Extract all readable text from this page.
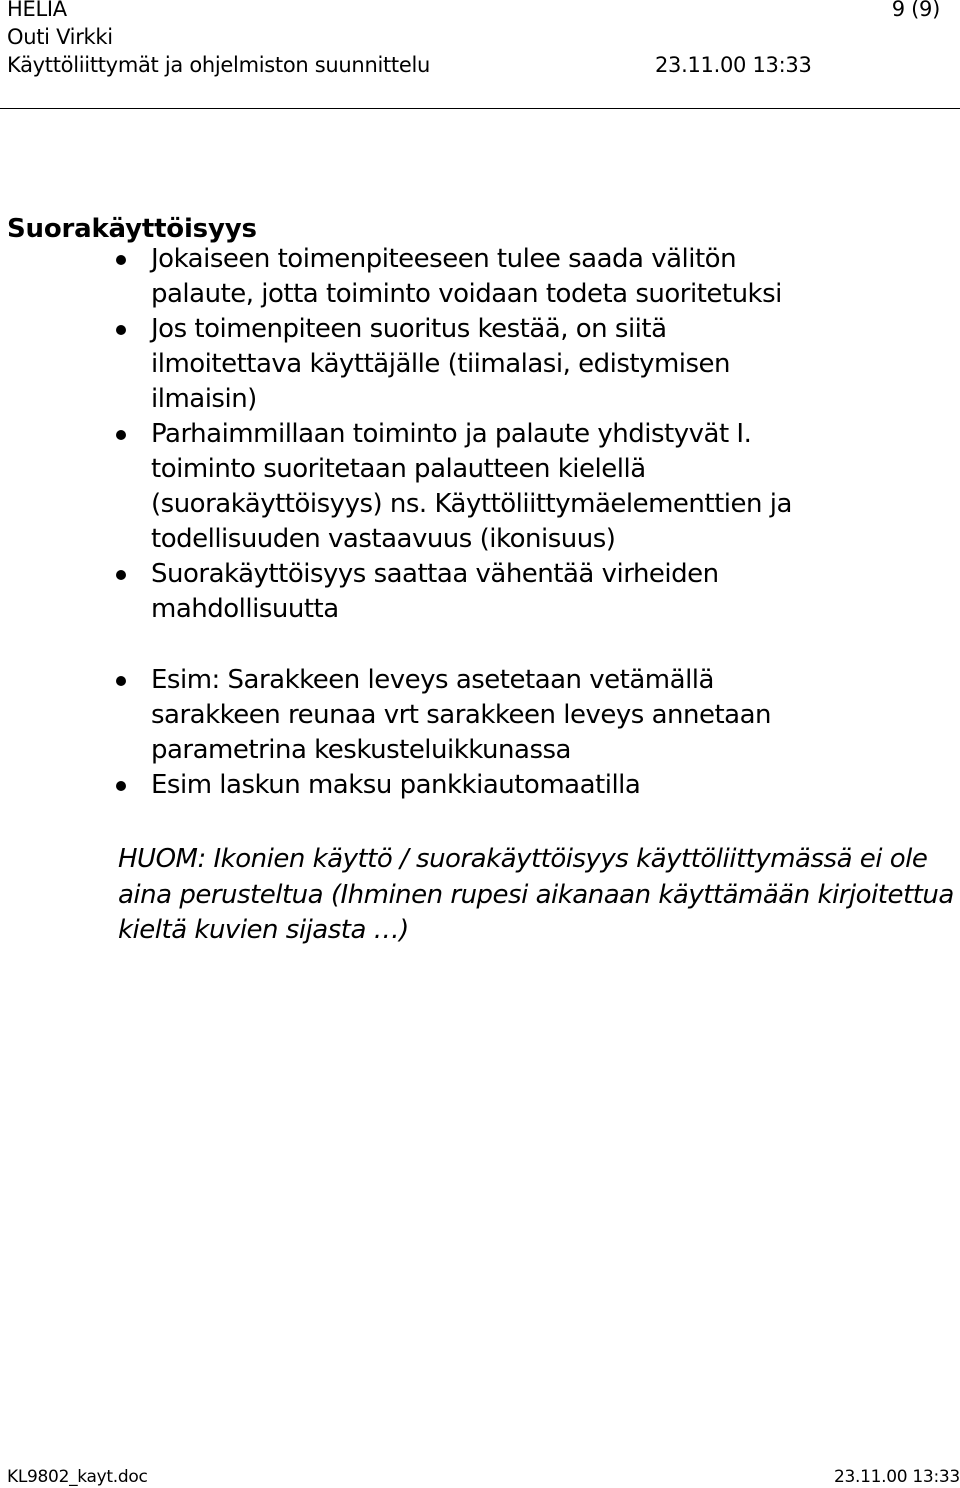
HELIA	9 (9)
Outi Virkki
Käyttöliittymät ja ohjelmiston suunnittelu	23.11.00 13:33
Suorakäyttöisyys
Jokaiseen toimenpiteeseen tulee saada välitön palaute, jotta toiminto voidaan todeta suoritetuksi
Jos toimenpiteen suoritus kestää, on siitä ilmoitettava käyttäjälle (tiimalasi, edistymisen ilmaisin)
Parhaimmillaan toiminto ja palaute yhdistyvät I. toiminto suoritetaan palautteen kielellä (suorakäyttöisyys) ns. Käyttöliittymäelementtien ja todellisuuden vastaavuus (ikonisuus)
Suorakäyttöisyys saattaa vähentää virheiden mahdollisuutta
Esim: Sarakkeen leveys asetetaan vetämällä sarakkeen reunaa vrt sarakkeen leveys annetaan parametrina keskusteluikkunassa
Esim laskun maksu pankkiautomaatilla

HUOM: Ikonien käyttö / suorakäyttöisyys käyttöliittymässä ei ole aina perusteltua (Ihminen rupesi aikanaan käyttämään kirjoitettua kieltä kuvien sijasta …)

KL9802_kayt.doc	23.11.00 13:33
